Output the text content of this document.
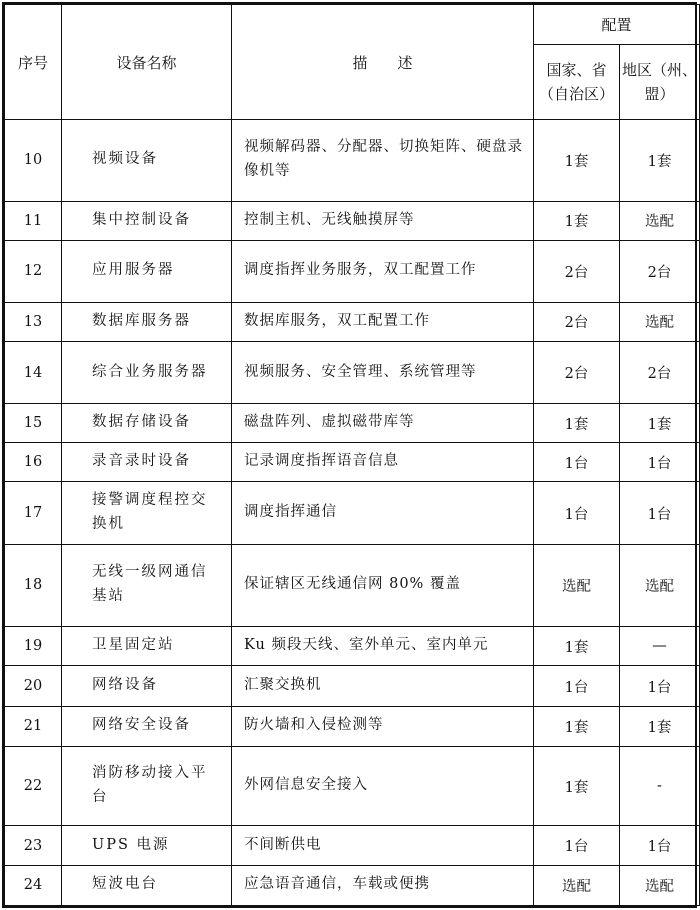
序号	设备名称	描　　述	配置	
			国家、省（自治区）	地区（州、盟）
10	视频设备	视频解码器、分配器、切换矩阵、硬盘录像机等	1套	1套
11	集中控制设备	控制主机、无线触摸屏等	1套	选配
12	应用服务器	调度指挥业务服务，双工配置工作	2台	2台
13	数据库服务器	数据库服务，双工配置工作	2台	选配
14	综合业务服务器	视频服务、安全管理、系统管理等	2台	2台
15	数据存储设备	磁盘阵列、虚拟磁带库等	1套	1套
16	录音录时设备	记录调度指挥语音信息	1台	1台
17	接警调度程控交换机	调度指挥通信	1台	1台
18	无线一级网通信基站	保证辖区无线通信网 80% 覆盖	选配	选配
19	卫星固定站	Ku 频段天线、室外单元、室内单元	1套	—
20	网络设备	汇聚交换机	1台	1台
21	网络安全设备	防火墙和入侵检测等	1套	1套
22	消防移动接入平台	外网信息安全接入	1套	-
23	UPS 电源	不间断供电	1台	1台
24	短波电台	应急语音通信，车载或便携	选配	选配
